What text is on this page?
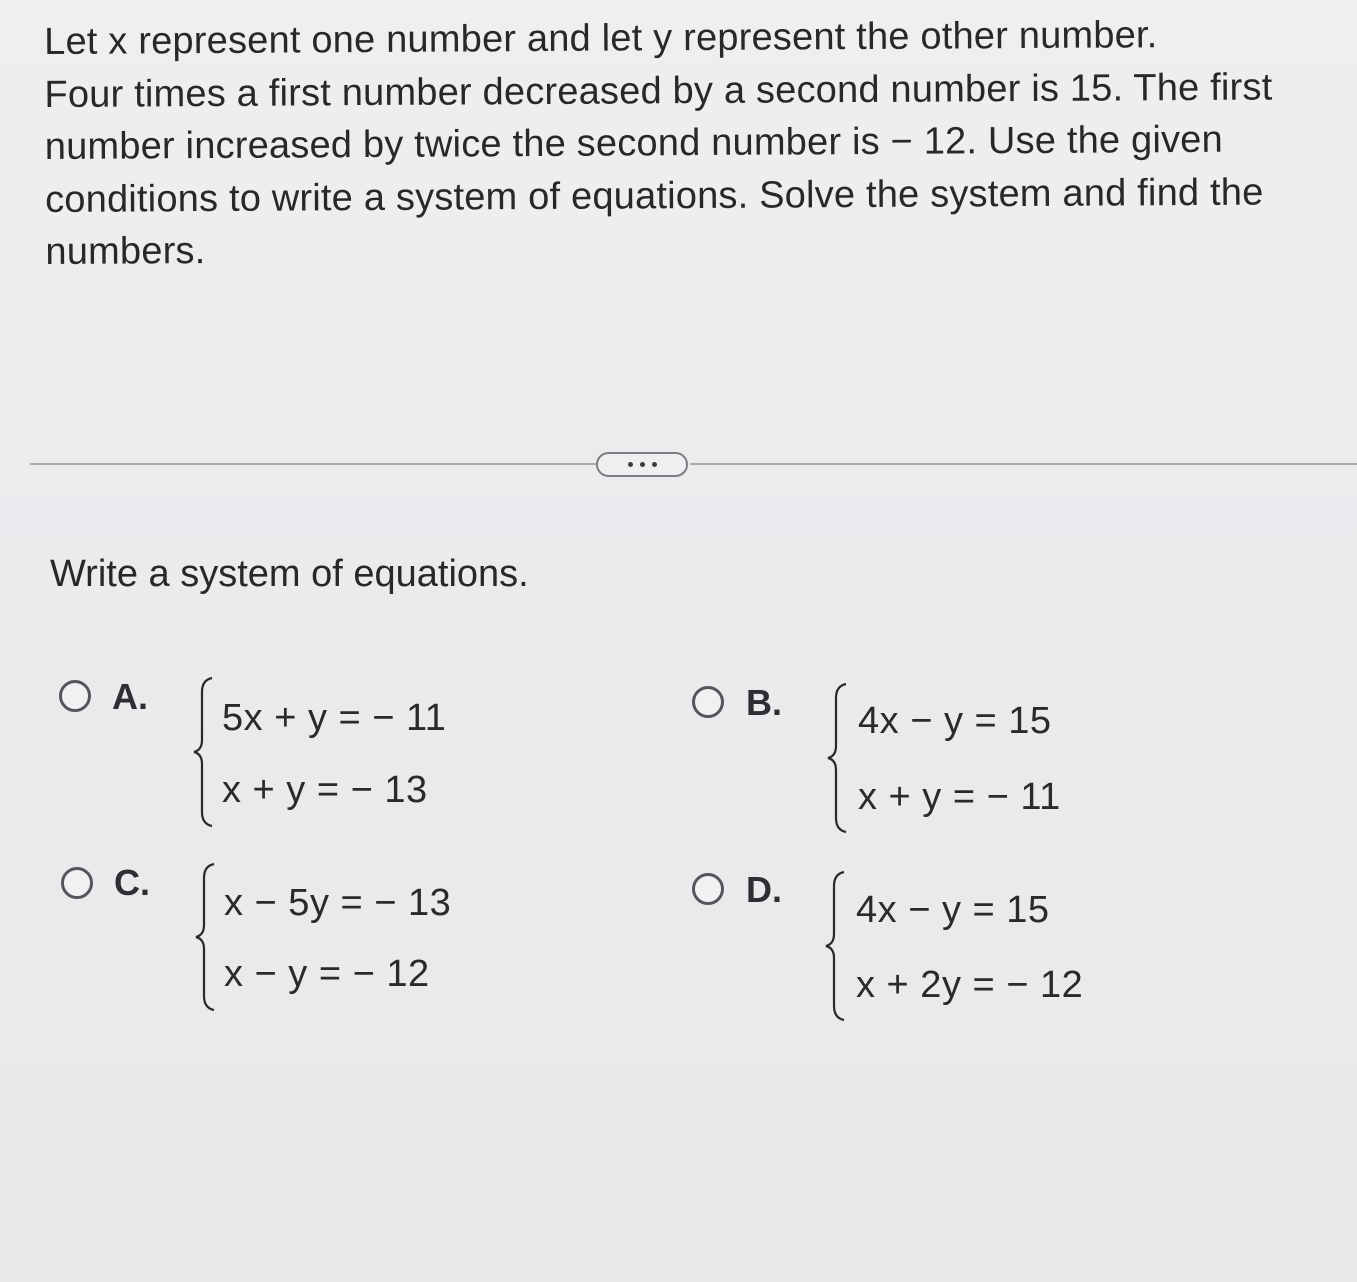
Let x represent one number and let y represent the other number.
Four times a first number decreased by a second number is 15. The first
number increased by twice the second number is − 12. Use the given
conditions to write a system of equations. Solve the system and find the
numbers.
Write a system of equations.
A.
5x + y = − 11
x + y = − 13
B. 4x − y = 15
x + y = − 11
C. x − 5y = − 13
x − y = − 12
D. 4x − y = 15
x + 2y = − 12
